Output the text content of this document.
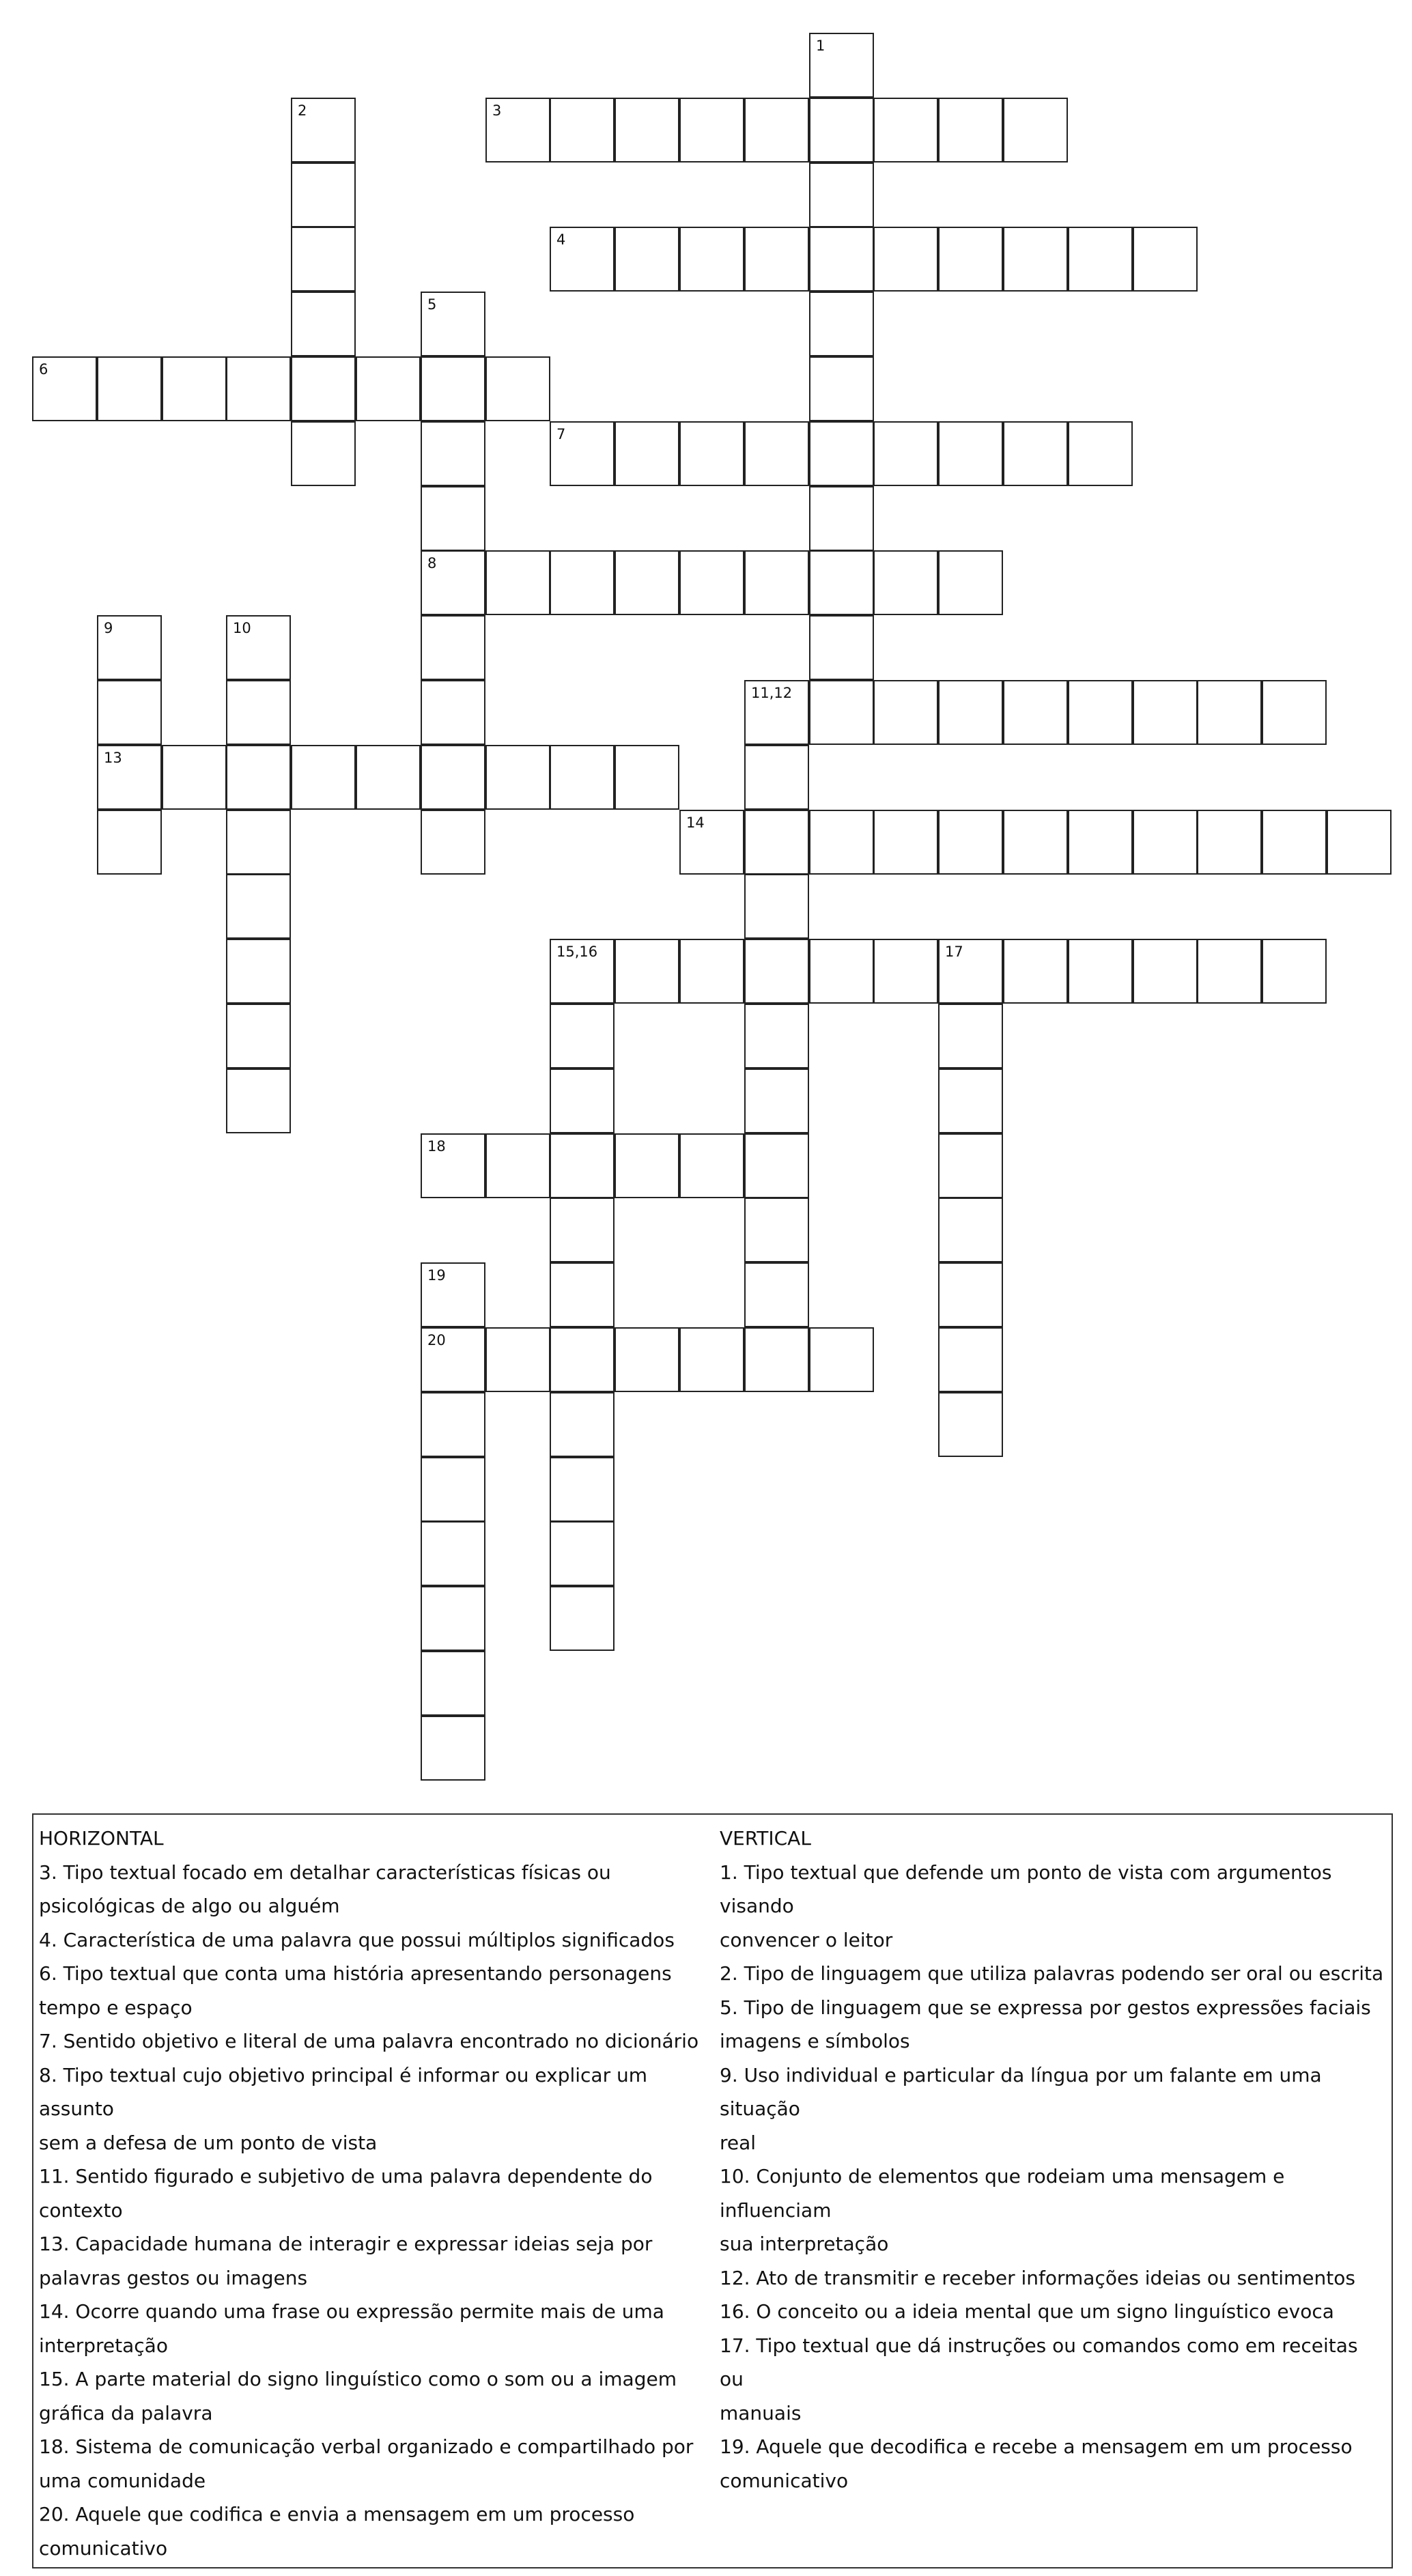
1
2	3
4
5
6
7
8
9	10
11,12
13
14
15,16	17
18
19
20

HORIZONTAL

3. Tipo textual focado em detalhar características físicas ou

psicológicas de algo ou alguém

4. Característica de uma palavra que possui múltiplos significados

6. Tipo textual que conta uma história apresentando personagens

tempo e espaço

7. Sentido objetivo e literal de uma palavra encontrado no dicionário

8. Tipo textual cujo objetivo principal é informar ou explicar um assunto

sem a defesa de um ponto de vista

11. Sentido figurado e subjetivo de uma palavra dependente do

contexto

13. Capacidade humana de interagir e expressar ideias seja por

palavras gestos ou imagens

14. Ocorre quando uma frase ou expressão permite mais de uma

interpretação

15. A parte material do signo linguístico como o som ou a imagem

gráfica da palavra

18. Sistema de comunicação verbal organizado e compartilhado por

uma comunidade

20. Aquele que codifica e envia a mensagem em um processo

comunicativo

VERTICAL

1. Tipo textual que defende um ponto de vista com argumentos visando

convencer o leitor

2. Tipo de linguagem que utiliza palavras podendo ser oral ou escrita

5. Tipo de linguagem que se expressa por gestos expressões faciais

imagens e símbolos

9. Uso individual e particular da língua por um falante em uma situação

real

10. Conjunto de elementos que rodeiam uma mensagem e influenciam

sua interpretação

12. Ato de transmitir e receber informações ideias ou sentimentos

16. O conceito ou a ideia mental que um signo linguístico evoca

17. Tipo textual que dá instruções ou comandos como em receitas ou

manuais

19. Aquele que decodifica e recebe a mensagem em um processo

comunicativo
